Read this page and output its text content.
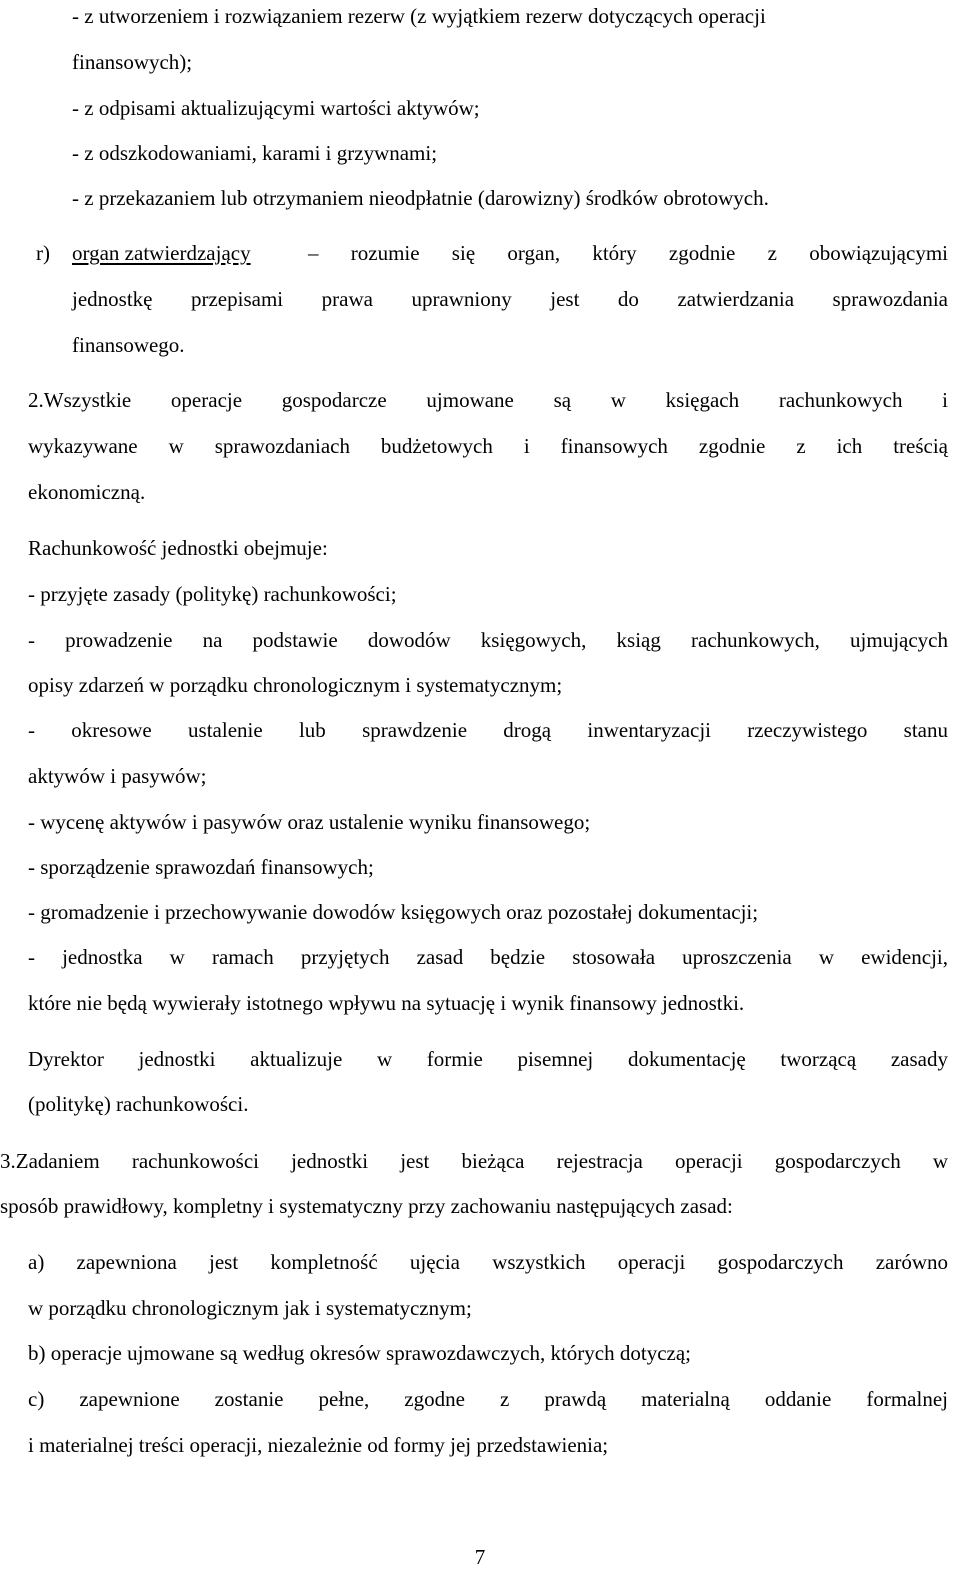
- z utworzeniem i rozwiązaniem rezerw (z wyjątkiem rezerw dotyczących operacji
finansowych);
- z odpisami aktualizującymi wartości aktywów;
- z odszkodowaniami, karami i grzywnami;
- z przekazaniem lub otrzymaniem nieodpłatnie (darowizny) środków obrotowych.
r) organ zatwierdzający	– rozumie się organ, który zgodnie z obowiązującymi
jednostkę przepisami prawa uprawniony jest do zatwierdzania sprawozdania
finansowego.
2.Wszystkie operacje gospodarcze ujmowane są w księgach rachunkowych i
wykazywane w sprawozdaniach budżetowych i finansowych zgodnie z ich treścią
ekonomiczną.
Rachunkowość jednostki obejmuje:
- przyjęte zasady (politykę) rachunkowości;
- prowadzenie na podstawie dowodów księgowych, ksiąg rachunkowych, ujmujących
opisy zdarzeń w porządku chronologicznym i systematycznym;
- okresowe ustalenie lub sprawdzenie drogą inwentaryzacji rzeczywistego stanu
aktywów i pasywów;
- wycenę aktywów i pasywów oraz ustalenie wyniku finansowego;
- sporządzenie sprawozdań finansowych;
- gromadzenie i przechowywanie dowodów księgowych oraz pozostałej dokumentacji;
- jednostka w ramach przyjętych zasad będzie stosowała uproszczenia w ewidencji,
które nie będą wywierały istotnego wpływu na sytuację i wynik finansowy jednostki.
Dyrektor jednostki aktualizuje w formie pisemnej dokumentację tworzącą zasady
(politykę) rachunkowości.
3.Zadaniem rachunkowości jednostki jest bieżąca rejestracja operacji gospodarczych w
sposób prawidłowy, kompletny i systematyczny przy zachowaniu następujących zasad:
a) zapewniona jest kompletność ujęcia wszystkich operacji gospodarczych zarówno
w porządku chronologicznym jak i systematycznym;
b) operacje ujmowane są według okresów sprawozdawczych, których dotyczą;
c) zapewnione zostanie pełne, zgodne z prawdą materialną oddanie formalnej
i materialnej treści operacji, niezależnie od formy jej przedstawienia;
7
